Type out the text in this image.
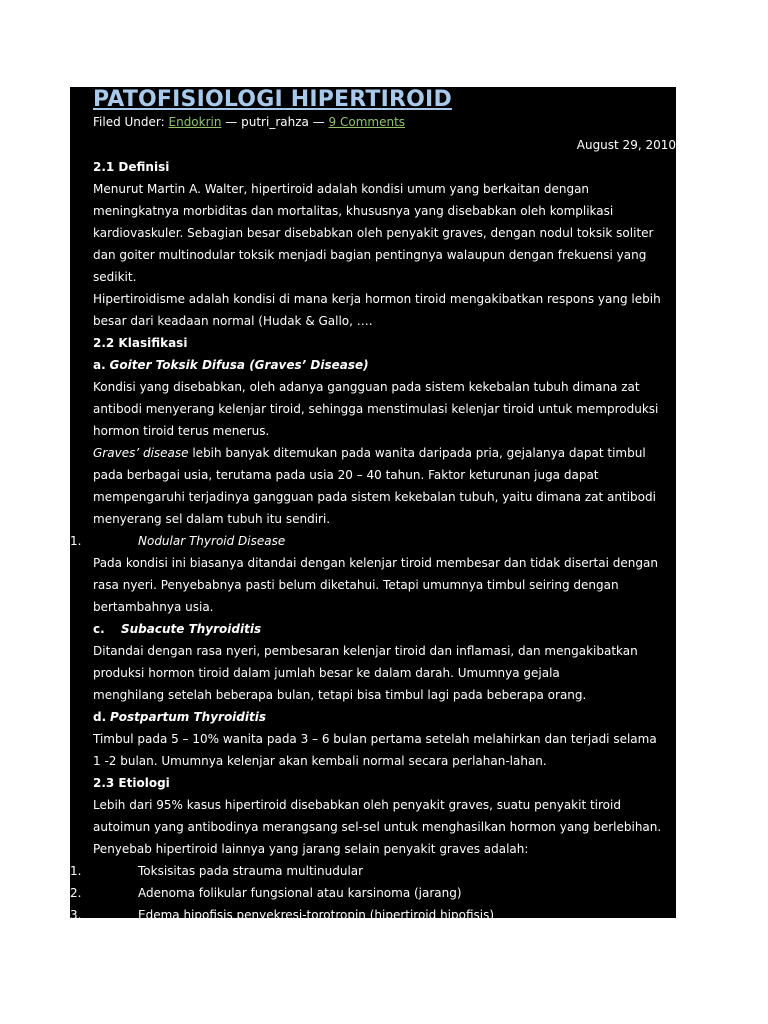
PATOFISIOLOGI HIPERTIROID
Filed Under: Endokrin — putri_rahza — 9 Comments
August 29, 2010
2.1 Definisi

Menurut Martin A. Walter, hipertiroid adalah kondisi umum yang berkaitan dengan

meningkatnya morbiditas dan mortalitas, khususnya yang disebabkan oleh komplikasi

kardiovaskuler. Sebagian besar disebabkan oleh penyakit graves, dengan nodul toksik soliter

dan goiter multinodular toksik menjadi bagian pentingnya walaupun dengan frekuensi yang

sedikit.

Hipertiroidisme adalah kondisi di mana kerja hormon tiroid mengakibatkan respons yang lebih

besar dari keadaan normal (Hudak & Gallo, ….

2.2 Klasifikasi
a. Goiter Toksik Difusa (Graves’ Disease)

Kondisi yang disebabkan, oleh adanya gangguan pada sistem kekebalan tubuh dimana zat

antibodi menyerang kelenjar tiroid, sehingga menstimulasi kelenjar tiroid untuk memproduksi

hormon tiroid terus menerus.

Graves’ disease lebih banyak ditemukan pada wanita daripada pria, gejalanya dapat timbul

pada berbagai usia, terutama pada usia 20 – 40 tahun. Faktor keturunan juga dapat

mempengaruhi terjadinya gangguan pada sistem kekebalan tubuh, yaitu dimana zat antibodi

menyerang sel dalam tubuh itu sendiri.

1.	Nodular Thyroid Disease

Pada kondisi ini biasanya ditandai dengan kelenjar tiroid membesar dan tidak disertai dengan

rasa nyeri. Penyebabnya pasti belum diketahui. Tetapi umumnya timbul seiring dengan

bertambahnya usia.

c. Subacute Thyroiditis

Ditandai dengan rasa nyeri, pembesaran kelenjar tiroid dan inflamasi, dan mengakibatkan

produksi hormon tiroid dalam jumlah besar ke dalam darah. Umumnya gejala

menghilang setelah beberapa bulan, tetapi bisa timbul lagi pada beberapa orang.

d. Postpartum Thyroiditis

Timbul pada 5 – 10% wanita pada 3 – 6 bulan pertama setelah melahirkan dan terjadi selama

1 -2 bulan. Umumnya kelenjar akan kembali normal secara perlahan-lahan.

2.3 Etiologi

Lebih dari 95% kasus hipertiroid disebabkan oleh penyakit graves, suatu penyakit tiroid

autoimun yang antibodinya merangsang sel-sel untuk menghasilkan hormon yang berlebihan.

Penyebab hipertiroid lainnya yang jarang selain penyakit graves adalah:

1.	Toksisitas pada strauma multinudular
2.	Adenoma folikular fungsional atau karsinoma (jarang)
3.	Edema hipofisis penyekresi-torotropin (hipertiroid hipofisis)
